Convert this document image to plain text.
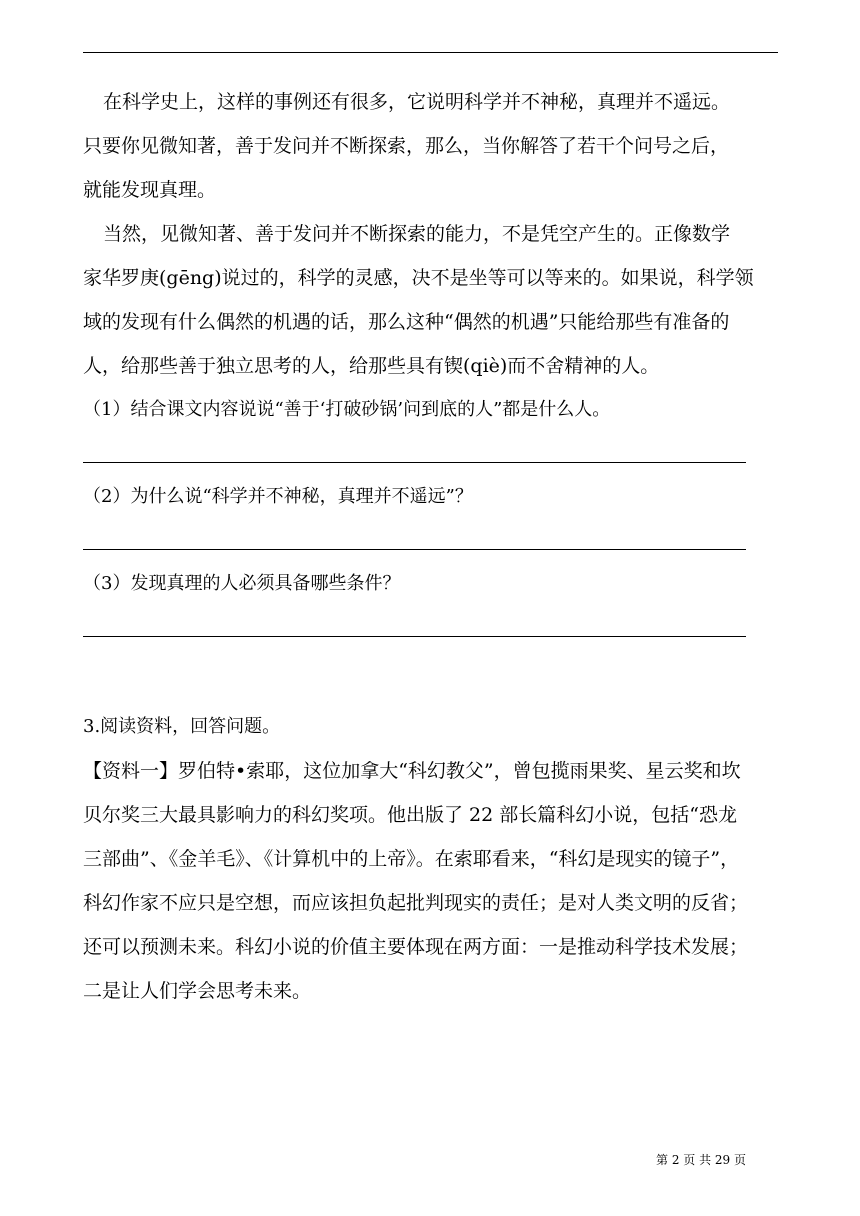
在科学史上，这样的事例还有很多，它说明科学并不神秘，真理并不遥远。

只要你见微知著，善于发问并不断探索，那么，当你解答了若干个问号之后，

就能发现真理。

当然，见微知著、善于发问并不断探索的能力，不是凭空产生的。正像数学

家华罗庚(gēng)说过的，科学的灵感，决不是坐等可以等来的。如果说，科学领

域的发现有什么偶然的机遇的话，那么这种“偶然的机遇”只能给那些有准备的

人，给那些善于独立思考的人，给那些具有锲(qiè)而不舍精神的人。

（1）结合课文内容说说“善于‘打破砂锅’问到底的人”都是什么人。

（2）为什么说“科学并不神秘，真理并不遥远”？

（3）发现真理的人必须具备哪些条件？

3.阅读资料，回答问题。

【资料一】罗伯特•索耶，这位加拿大“科幻教父”，曾包揽雨果奖、星云奖和坎

贝尔奖三大最具影响力的科幻奖项。他出版了 22 部长篇科幻小说，包括“恐龙

三部曲”、《金羊毛》、《计算机中的上帝》。在索耶看来，“科幻是现实的镜子”，

科幻作家不应只是空想，而应该担负起批判现实的责任；是对人类文明的反省；

还可以预测未来。科幻小说的价值主要体现在两方面：一是推动科学技术发展；

二是让人们学会思考未来。

第 2 页 共 29 页
